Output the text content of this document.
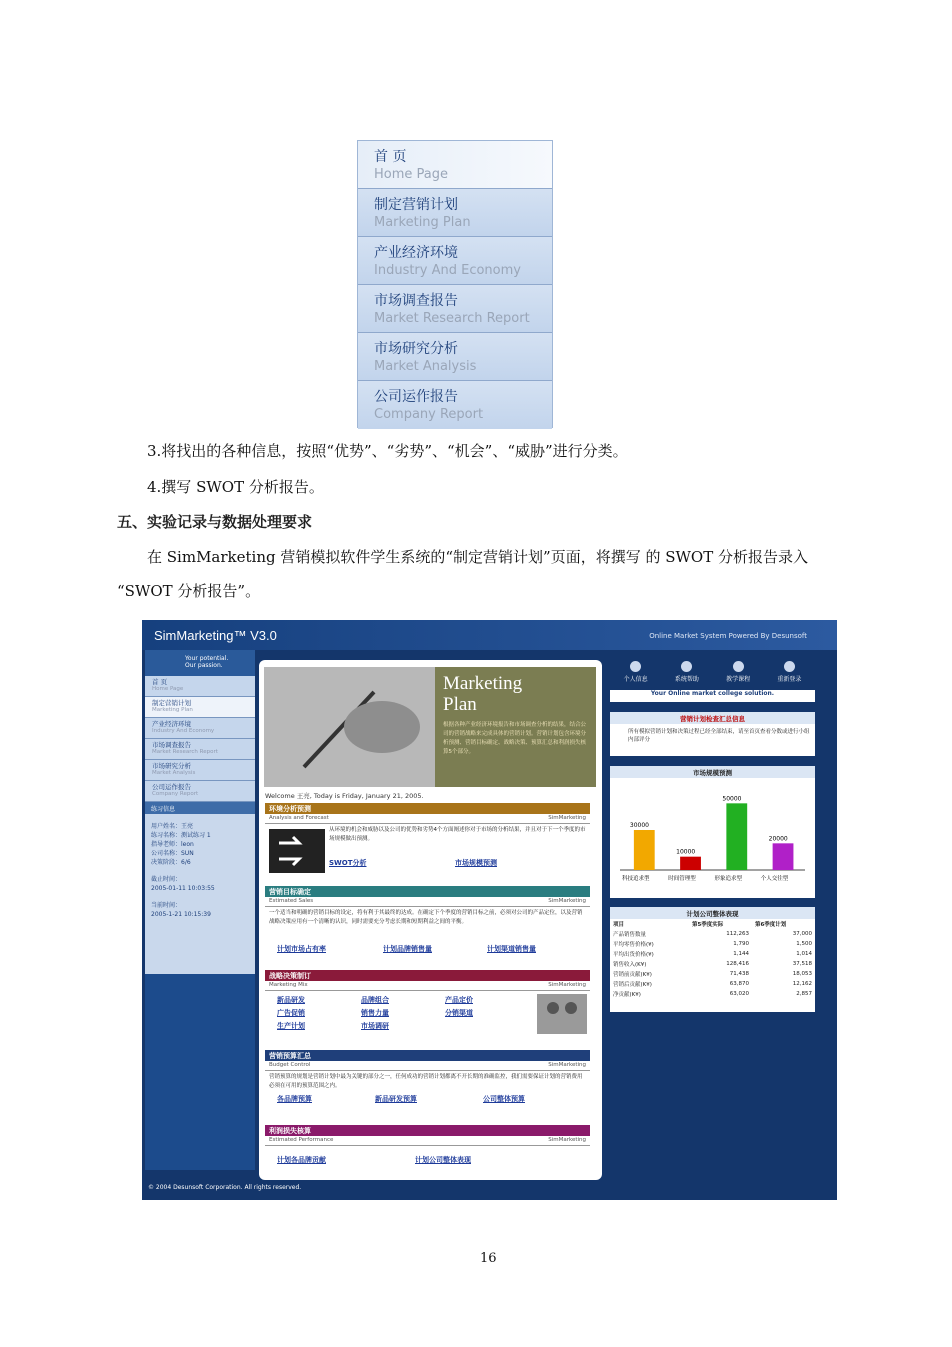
首 页
Home Page
制定营销计划
Marketing Plan
产业经济环境
Industry And Economy
市场调查报告
Market Research Report
市场研究分析
Market Analysis
公司运作报告
Company Report
3.将找出的各种信息，按照“优势”、“劣势”、“机会”、“威胁”进行分类。
4.撰写 SWOT 分析报告。
五、实验记录与数据处理要求
在 SimMarketing 营销模拟软件学生系统的“制定营销计划”页面，将撰写 的 SWOT 分析报告录入
“SWOT 分析报告”。
SimMarketing™ V3.0	Online Market System Powered By Desunsoft
Your potential.
Our passion.
首 页
Home Page
制定营销计划
Marketing Plan
产业经济环境
Industry And Economy
市场调查报告
Market Research Report
市场研究分析
Market Analysis
公司运作报告
Company Report
练习信息
用户姓名：王亮
练习名称：测试练习 1
指导老师：leon
公司名称：SUN
决策阶段：6/6
截止时间：
2005-01-11 10:03:55
当前时间：
2005-1-21 10:15:39
Marketing
Plan
根据各种产业经济环境报告和市场调查分析的结果，结合公司的营销战略来完成具体的营销计划。营销计划包含环境分析预测、营销目标确定、战略决策、预算汇总和利润损失核算5个部分。
Welcome 王亮, Today is Friday, January 21, 2005.
环境分析预测
Analysis and Forecast	SimMarketing
从环境的机会和威胁以及公司的优势和劣势4个方面阐述你对于市场的分析结果，并且对于下一个季度的市场规模做出预测。
SWOT分析	市场规模预测
营销目标确定
Estimated Sales	SimMarketing
一个适当和明确的营销目标的设定，将有利于其最终的达成。在确定下个季度的营销目标之前，必须对公司的产品定位，以及营销战略决策应用有一个清晰的认识，同时需要充分考虑长期和短期利益之间的平衡。
计划市场占有率	计划品牌销售量	计划渠道销售量
战略决策制订
Marketing Mix	SimMarketing
新品研发	品牌组合	产品定价
广告促销	销售力量	分销渠道
生产计划	市场调研
营销预算汇总
Budget Control	SimMarketing
营销预算的规划是营销计划中最为关键的部分之一，任何成功的营销计划都离不开长期的准确监控，我们需要保证计划的营销费用必须在可用的预算范围之内。
各品牌预算	新品研发预算	公司整体预算
利润损失核算
Estimated Performance	SimMarketing
计划各品牌贡献	计划公司整体表现
个人信息	系统帮助	教学课程	重新登录
Your Online market college solution.
营销计划检查汇总信息
所有模拟营销计划和决策过程已经全部结束，请至首页查看分数或进行小组内部评分
市场规模预测
30000
科技追求型
10000
时间管理型
50000
形象追求型
20000
个人交往型
计划公司整体表现
项目	第5季度实际	第6季度计划
产品销售数量	112,263	37,000
平均零售价格(¥)	1,790	1,500
平均出货价格(¥)	1,144	1,014
销售收入(K¥)	128,416	37,518
营销前贡献(K¥)	71,438	18,053
营销后贡献(K¥)	63,870	12,162
净贡献(K¥)	63,020	2,857
© 2004 Desunsoft Corporation. All rights reserved.
16
